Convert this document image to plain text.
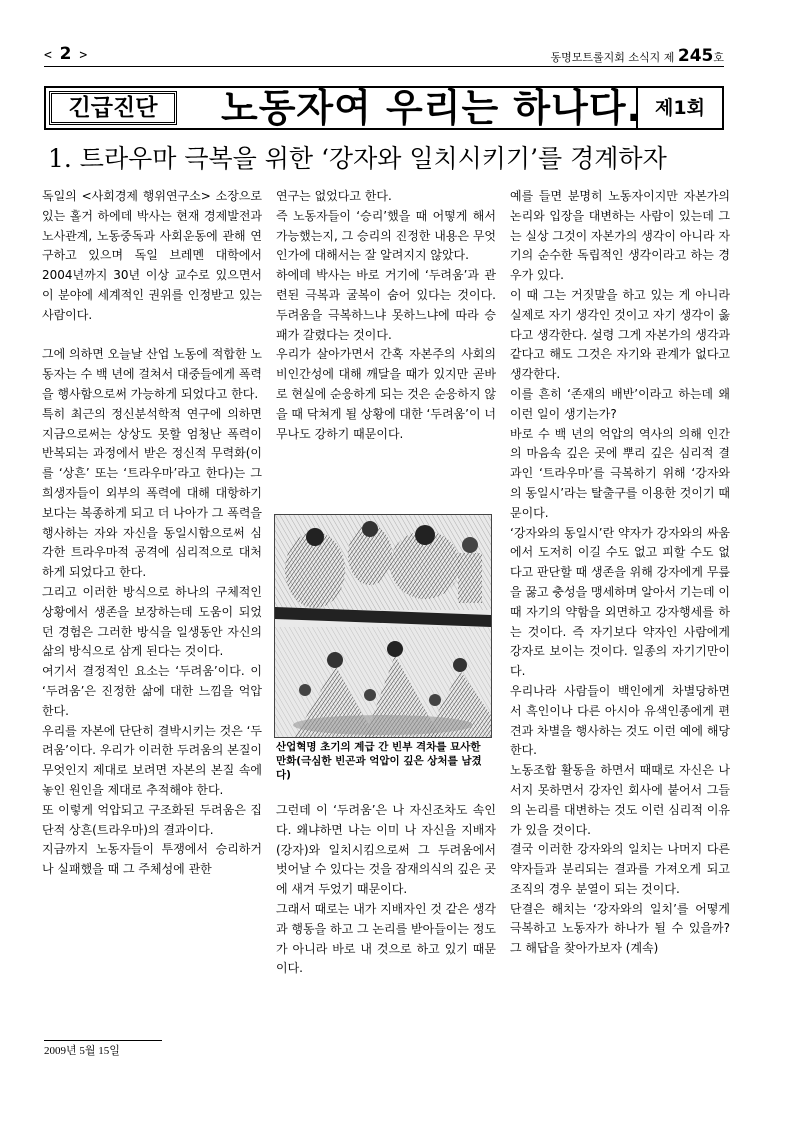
< 2 >	동명모트롤지회 소식지 제 245호
긴급진단	노동자여 우리는 하나다. 제1회
1. 트라우마 극복을 위한 ‘강자와 일치시키기’를 경계하자

독일의 <사회경제 행위연구소> 소장으로 있는 홀거 하에데 박사는 현재 경제발전과 노사관계, 노동중독과 사회운동에 관해 연구하고 있으며 독일 브레멘 대학에서 2004년까지 30년 이상 교수로 있으면서 이 분야에 세계적인 권위를 인정받고 있는 사람이다.

그에 의하면 오늘날 산업 노동에 적합한 노동자는 수 백 년에 걸쳐서 대중들에게 폭력을 행사함으로써 가능하게 되었다고 한다.

특히 최근의 정신분석학적 연구에 의하면 지금으로써는 상상도 못할 엄청난 폭력이 반복되는 과정에서 받은 정신적 무력화(이를 ‘상흔’ 또는 ‘트라우마’라고 한다)는 그 희생자들이 외부의 폭력에 대해 대항하기보다는 복종하게 되고 더 나아가 그 폭력을 행사하는 자와 자신을 동일시함으로써 심각한 트라우마적 공격에 심리적으로 대처하게 되었다고 한다.

그리고 이러한 방식으로 하나의 구체적인 상황에서 생존을 보장하는데 도움이 되었던 경험은 그러한 방식을 일생동안 자신의 삶의 방식으로 삼게 된다는 것이다.

여기서 결정적인 요소는 ‘두려움’이다. 이 ‘두려움’은 진정한 삶에 대한 느낌을 억압한다.

우리를 자본에 단단히 결박시키는 것은 ‘두려움’이다. 우리가 이러한 두려움의 본질이 무엇인지 제대로 보려면 자본의 본질 속에 놓인 원인을 제대로 추적해야 한다.

또 이렇게 억압되고 구조화된 두려움은 집단적 상흔(트라우마)의 결과이다.

지금까지 노동자들이 투쟁에서 승리하거나 실패했을 때 그 주체성에 관한

연구는 없었다고 한다.

즉 노동자들이 ‘승리’했을 때 어떻게 해서 가능했는지, 그 승리의 진정한 내용은 무엇인가에 대해서는 잘 알려지지 않았다.

하에데 박사는 바로 거기에 ‘두려움’과 관련된 극복과 굴복이 숨어 있다는 것이다. 두려움을 극복하느냐 못하느냐에 따라 승패가 갈렸다는 것이다.

우리가 살아가면서 간혹 자본주의 사회의 비인간성에 대해 깨달을 때가 있지만 곧바로 현실에 순응하게 되는 것은 순응하지 않을 때 닥쳐게 될 상황에 대한 ‘두려움’이 너무나도 강하기 때문이다.

산업혁명 초기의 계급 간 빈부 격차를 묘사한 만화(극심한 빈곤과 억압이 깊은 상처를 남겼다)

그런데 이 ‘두려움’은 나 자신조차도 속인다. 왜냐하면 나는 이미 나 자신을 지배자(강자)와 일치시킴으로써 그 두려움에서 벗어날 수 있다는 것을 잠재의식의 깊은 곳에 새겨 두었기 때문이다.

그래서 때로는 내가 지배자인 것 같은 생각과 행동을 하고 그 논리를 받아들이는 정도가 아니라 바로 내 것으로 하고 있기 때문이다.

예를 들면 분명히 노동자이지만 자본가의 논리와 입장을 대변하는 사람이 있는데 그는 실상 그것이 자본가의 생각이 아니라 자기의 순수한 독립적인 생각이라고 하는 경우가 있다.

이 때 그는 거짓말을 하고 있는 게 아니라 실제로 자기 생각인 것이고 자기 생각이 옳다고 생각한다. 설령 그게 자본가의 생각과 같다고 해도 그것은 자기와 관계가 없다고 생각한다.

이를 흔히 ‘존재의 배반’이라고 하는데 왜 이런 일이 생기는가?

바로 수 백 년의 억압의 역사의 의해 인간의 마음속 깊은 곳에 뿌리 깊은 심리적 결과인 ‘트라우마’를 극복하기 위해 ‘강자와의 동일시’라는 탈출구를 이용한 것이기 때문이다.

‘강자와의 동일시’란 약자가 강자와의 싸움에서 도저히 이길 수도 없고 피할 수도 없다고 판단할 때 생존을 위해 강자에게 무릎을 꿇고 충성을 맹세하며 알아서 기는데 이때 자기의 약함을 외면하고 강자행세를 하는 것이다. 즉 자기보다 약자인 사람에게 강자로 보이는 것이다. 일종의 자기기만이다.

우리나라 사람들이 백인에게 차별당하면서 흑인이나 다른 아시아 유색인종에게 편견과 차별을 행사하는 것도 이런 예에 해당한다.

노동조합 활동을 하면서 때때로 자신은 나서지 못하면서 강자인 회사에 붙어서 그들의 논리를 대변하는 것도 이런 심리적 이유가 있을 것이다.

결국 이러한 강자와의 일치는 나머지 다른 약자들과 분리되는 결과를 가져오게 되고 조직의 경우 분열이 되는 것이다.

단결은 해치는 ‘강자와의 일치’를 어떻게 극복하고 노동자가 하나가 될 수 있을까? 그 해답을 찾아가보자 (계속)

2009년 5월 15일
